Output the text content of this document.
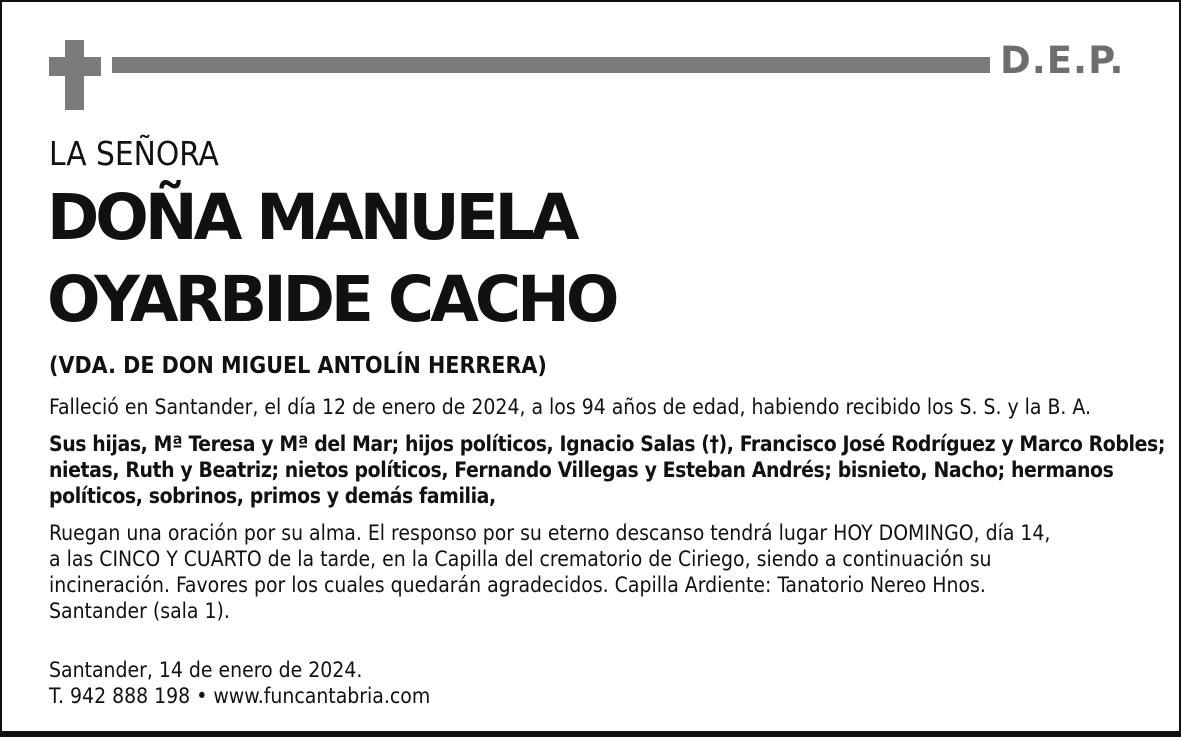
D.E.P.
LA SEÑORA
DOÑA MANUELA
OYARBIDE CACHO
(VDA. DE DON MIGUEL ANTOLÍN HERRERA)

Falleció en Santander, el día 12 de enero de 2024, a los 94 años de edad, habiendo recibido los S. S. y la B. A.

Sus hijas, Mª Teresa y Mª del Mar; hijos políticos, Ignacio Salas (†), Francisco José Rodríguez y Marco Robles;
nietas, Ruth y Beatriz; nietos políticos, Fernando Villegas y Esteban Andrés; bisnieto, Nacho; hermanos
políticos, sobrinos, primos y demás familia,

Ruegan una oración por su alma. El responso por su eterno descanso tendrá lugar HOY DOMINGO, día 14,
a las CINCO Y CUARTO de la tarde, en la Capilla del crematorio de Ciriego, siendo a continuación su
incineración. Favores por los cuales quedarán agradecidos. Capilla Ardiente: Tanatorio Nereo Hnos.
Santander (sala 1).

Santander, 14 de enero de 2024.
T. 942 888 198 • www.funcantabria.com
